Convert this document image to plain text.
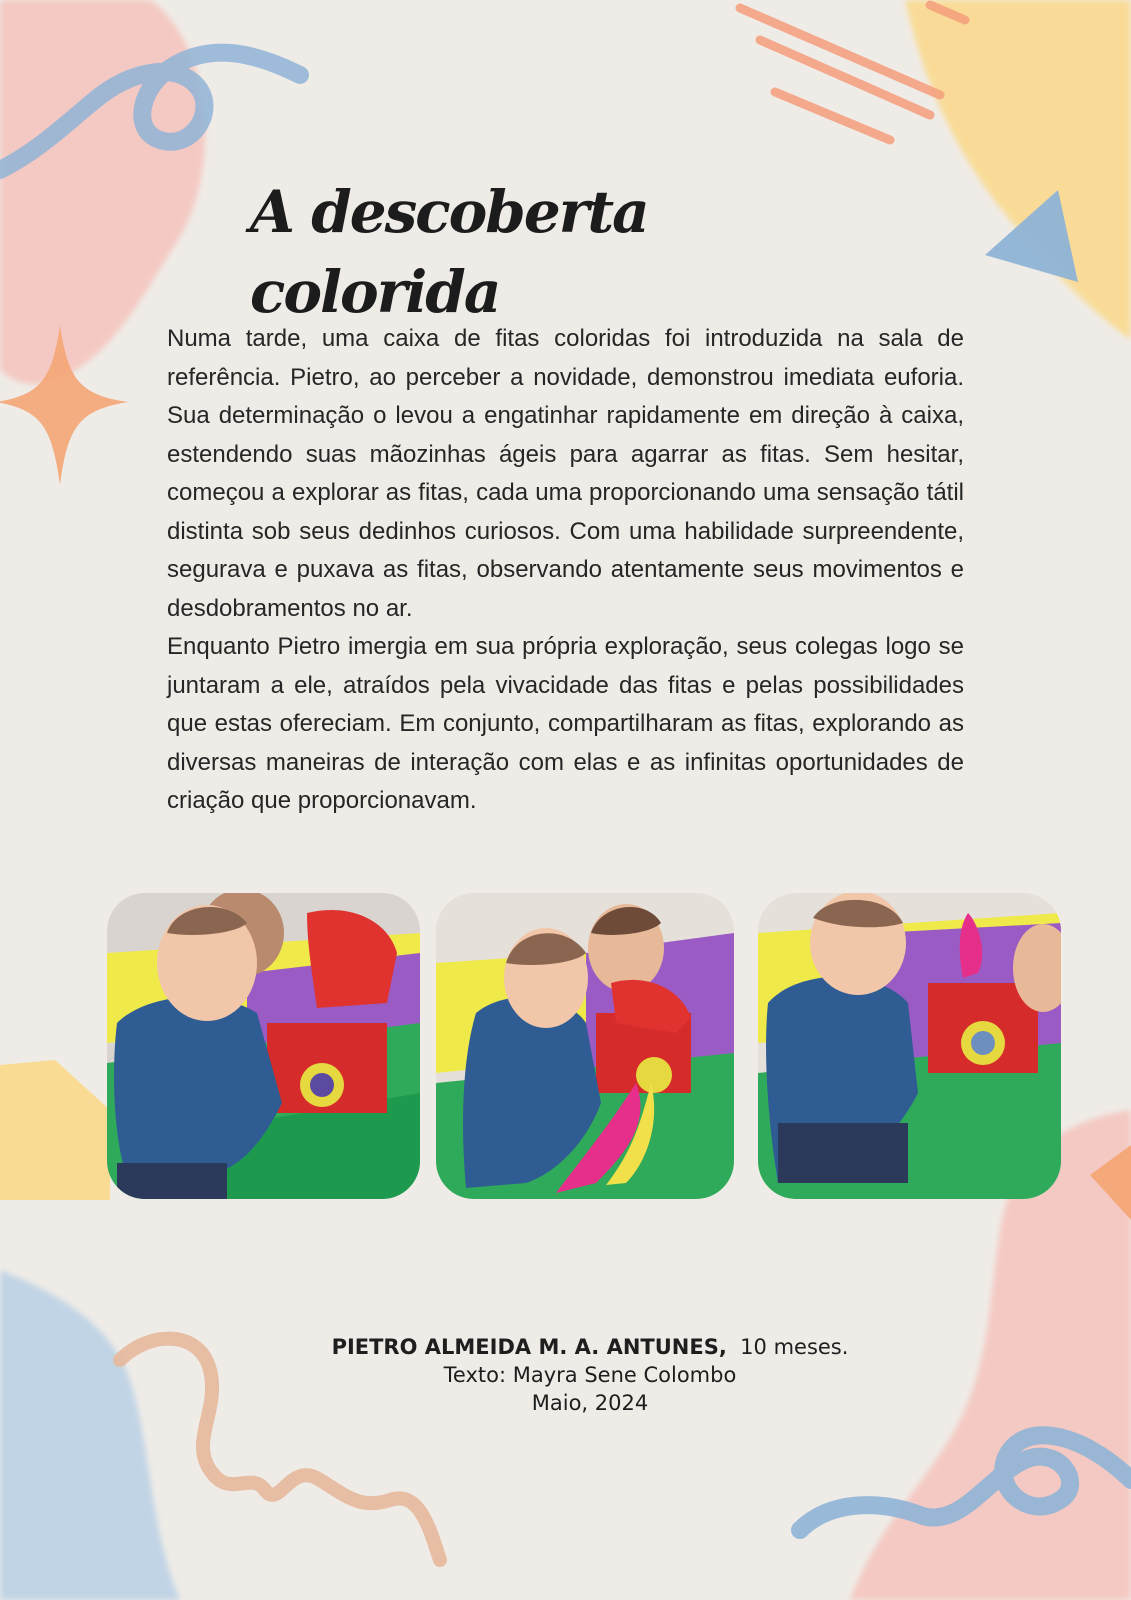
A descoberta colorida

Numa tarde, uma caixa de fitas coloridas foi introduzida na sala de referência. Pietro, ao perceber a novidade, demonstrou imediata euforia. Sua determinação o levou a engatinhar rapidamente em direção à caixa, estendendo suas mãozinhas ágeis para agarrar as fitas. Sem hesitar, começou a explorar as fitas, cada uma proporcionando uma sensação tátil distinta sob seus dedinhos curiosos. Com uma habilidade surpreendente, segurava e puxava as fitas, observando atentamente seus movimentos e desdobramentos no ar.

Enquanto Pietro imergia em sua própria exploração, seus colegas logo se juntaram a ele, atraídos pela vivacidade das fitas e pelas possibilidades que estas ofereciam. Em conjunto, compartilharam as fitas, explorando as diversas maneiras de interação com elas e as infinitas oportunidades de criação que proporcionavam.

PIETRO ALMEIDA M. A. ANTUNES, 10 meses.
Texto: Mayra Sene Colombo
Maio, 2024
